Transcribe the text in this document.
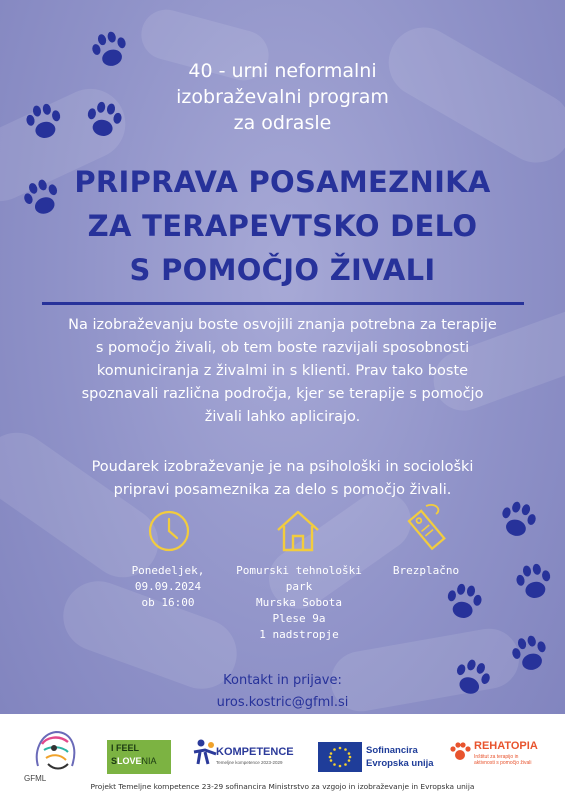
40 - urni neformalni
izobraževalni program
za odrasle
PRIPRAVA POSAMEZNIKA
ZA TERAPEVTSKO DELO
S POMOČJO ŽIVALI
Na izobraževanju boste osvojili znanja potrebna za terapije
s pomočjo živali, ob tem boste razvijali sposobnosti
komuniciranja z živalmi in s klienti. Prav tako boste
spoznavali različna področja, kjer se terapije s pomočjo
živali lahko aplicirajo.
Poudarek izobraževanje je na psihološki in sociološki
pripravi posameznika za delo s pomočjo živali.
Ponedeljek,
09.09.2024
ob 16:00
Pomurski tehnološki
park
Murska Sobota
Plese 9a
1 nadstropje
Brezplačno
Kontakt in prijave:
uros.kostric@gfml.si
GFML
I FEEL
SLOVENIA
KOMPETENCE
Temeljne kompetence 2023-2029
Sofinancira
Evropska unija
REHATOPIA
Inštitut za terapijo in
aktivnosti s pomočjo živali
Projekt Temeljne kompetence 23-29 sofinancira Ministrstvo za vzgojo in izobraževanje in Evropska unija
